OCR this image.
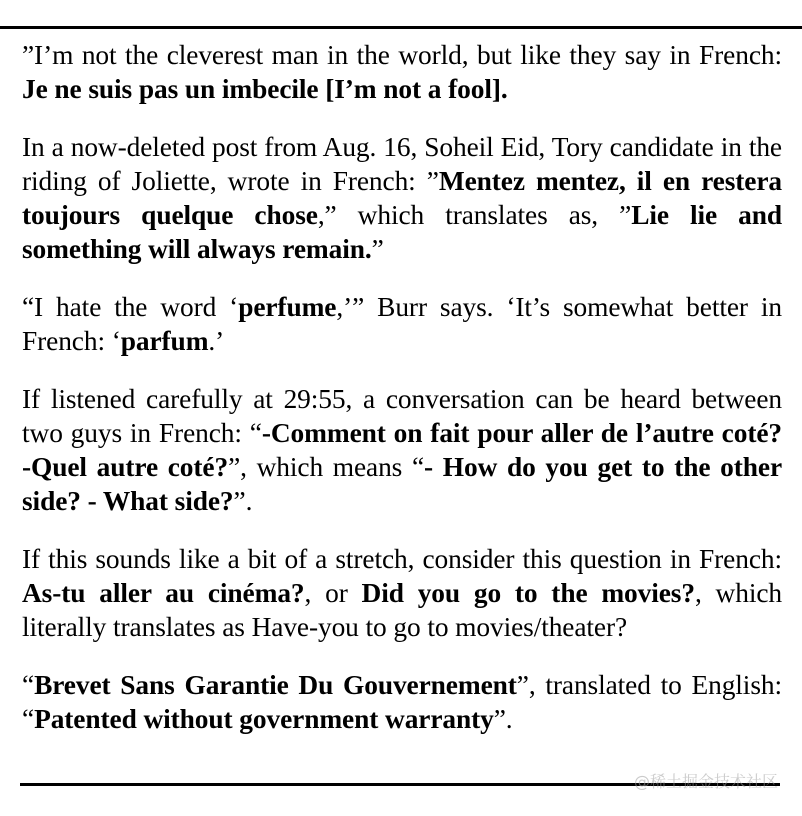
”I’m not the cleverest man in the world, but like they say in French: Je ne suis pas un imbecile [I’m not a fool].

In a now-deleted post from Aug. 16, Soheil Eid, Tory candidate in the riding of Joliette, wrote in French: ”Mentez mentez, il en restera toujours quelque chose,” which translates as, ”Lie lie and something will always remain.”

“I hate the word ‘perfume,’” Burr says. ‘It’s somewhat better in French: ‘parfum.’

If listened carefully at 29:55, a conversation can be heard between two guys in French: “-Comment on fait pour aller de l’autre coté? -Quel autre coté?”, which means “- How do you get to the other side? - What side?”.

If this sounds like a bit of a stretch, consider this question in French: As-tu aller au cinéma?, or Did you go to the movies?, which literally translates as Have-you to go to movies/theater?

“Brevet Sans Garantie Du Gouvernement”, translated to English: “Patented without government warranty”.

@稀土掘金技术社区
